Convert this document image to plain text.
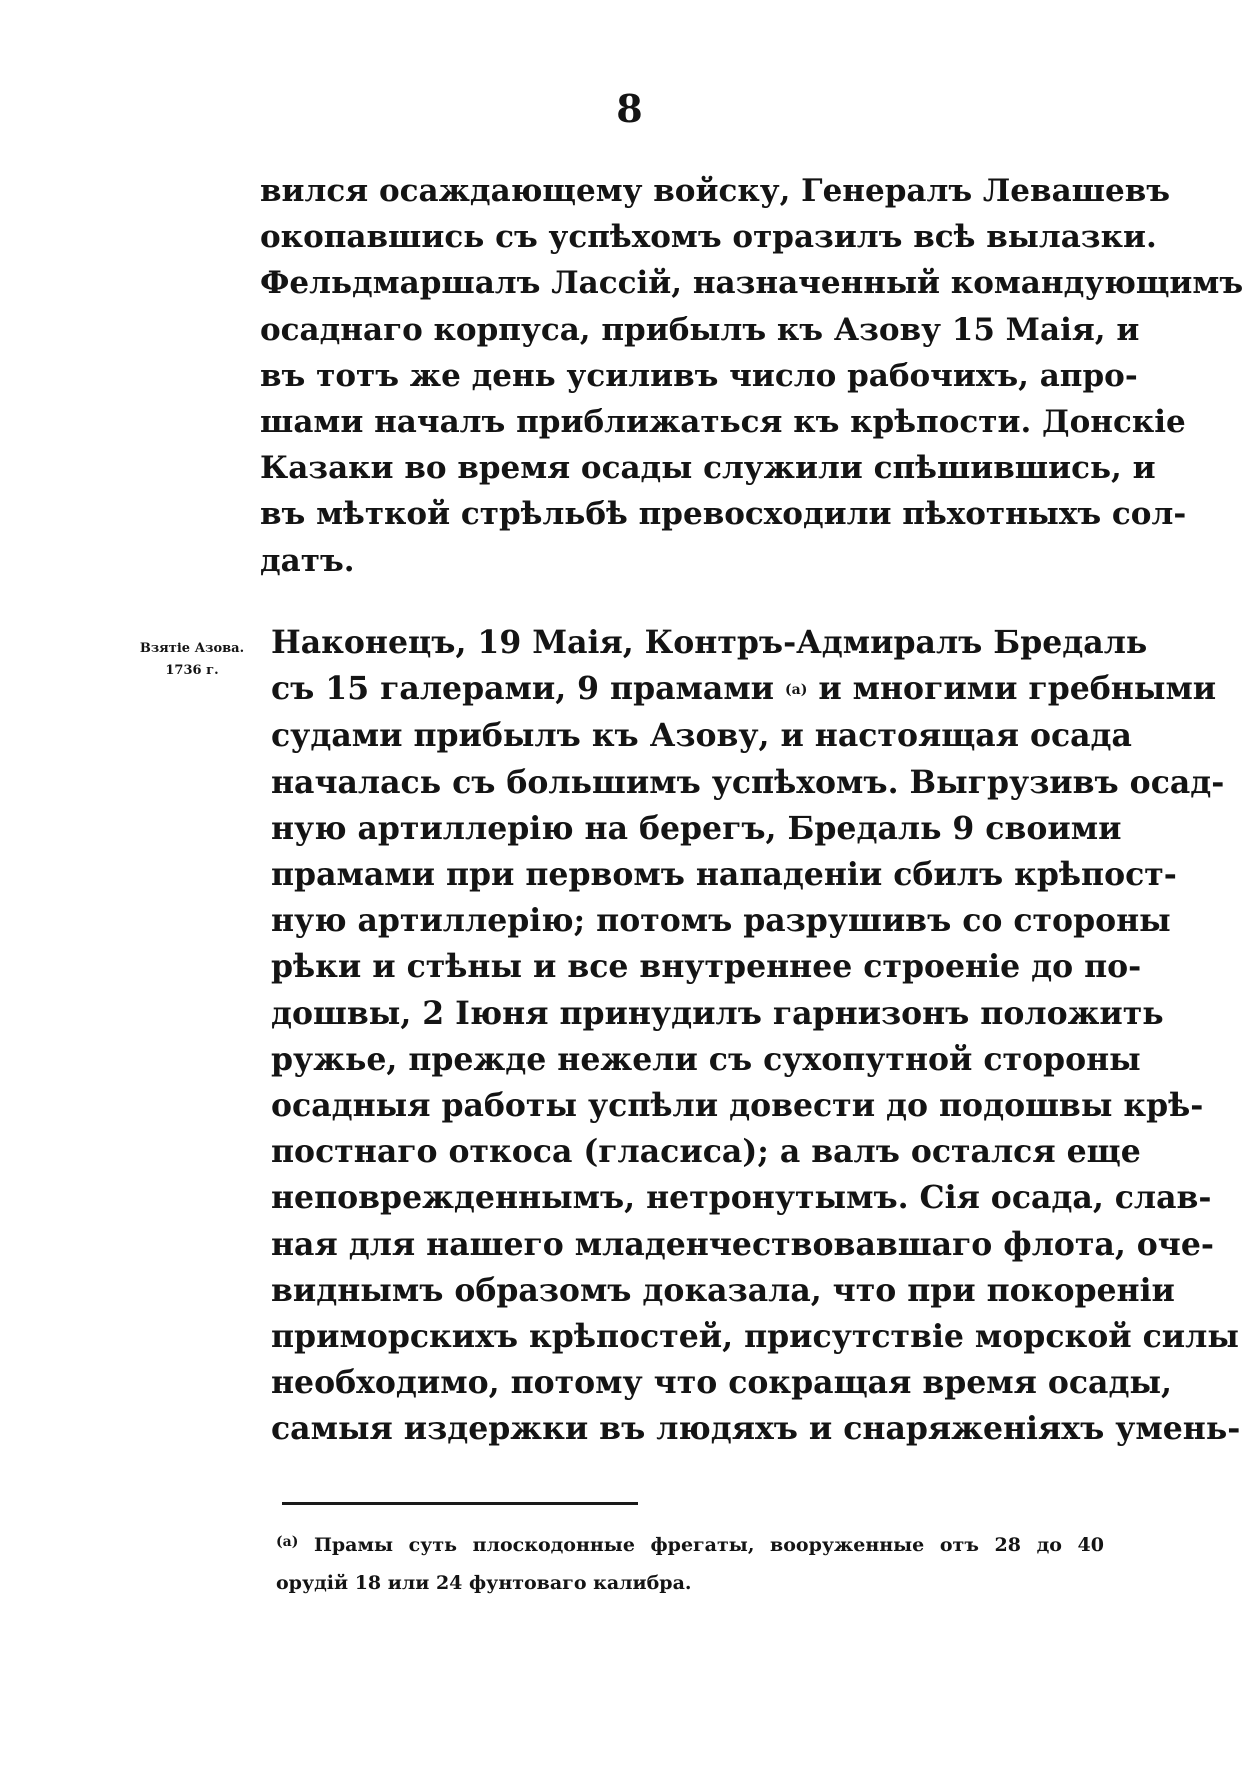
8
вился осаждающему войску, Генералъ Левашевъ
окопавшись съ успѣхомъ отразилъ всѣ вылазки.
Фельдмаршалъ Ласcій, назначенный командующимъ
осаднаго корпуса, прибылъ къ Азову 15 Маія, и
въ тотъ же день усиливъ число рабочихъ, апро-
шами началъ приближаться къ крѣпости. Донскіе
Казаки во время осады служили спѣшившись, и
въ мѣткой стрѣльбѣ превосходили пѣхотныхъ сол-
датъ.
Взятіе Азова.
1736 г.
Наконецъ, 19 Маія, Контръ-Адмиралъ Бредаль
съ 15 галерами, 9 прамами (а) и многими гребными
судами прибылъ къ Азову, и настоящая осада
началась съ большимъ успѣхомъ. Выгрузивъ осад-
ную артиллерію на берегъ, Бредаль 9 своими
прамами при первомъ нападеніи сбилъ крѣпост-
ную артиллерію; потомъ разрушивъ со стороны
рѣки и стѣны и все внутреннее строеніе до по-
дошвы, 2 Іюня принудилъ гарнизонъ положить
ружье, прежде нежели съ сухопутной стороны
осадныя работы успѣли довести до подошвы крѣ-
постнаго откоса (гласиса); а валъ остался еще
неповрежденнымъ, нетронутымъ. Сія осада, слав-
ная для нашего младенчествовавшаго флота, оче-
виднымъ образомъ доказала, что при покореніи
приморскихъ крѣпостей, присутствіе морской силы
необходимо, потому что сокращая время осады,
самыя издержки въ людяхъ и снаряженіяхъ умень-
$^{(а)}$ Прамы суть плоскодонные фрегаты, вооруженные отъ 28 до 40
орудій 18 или 24 фунтоваго калибра.
